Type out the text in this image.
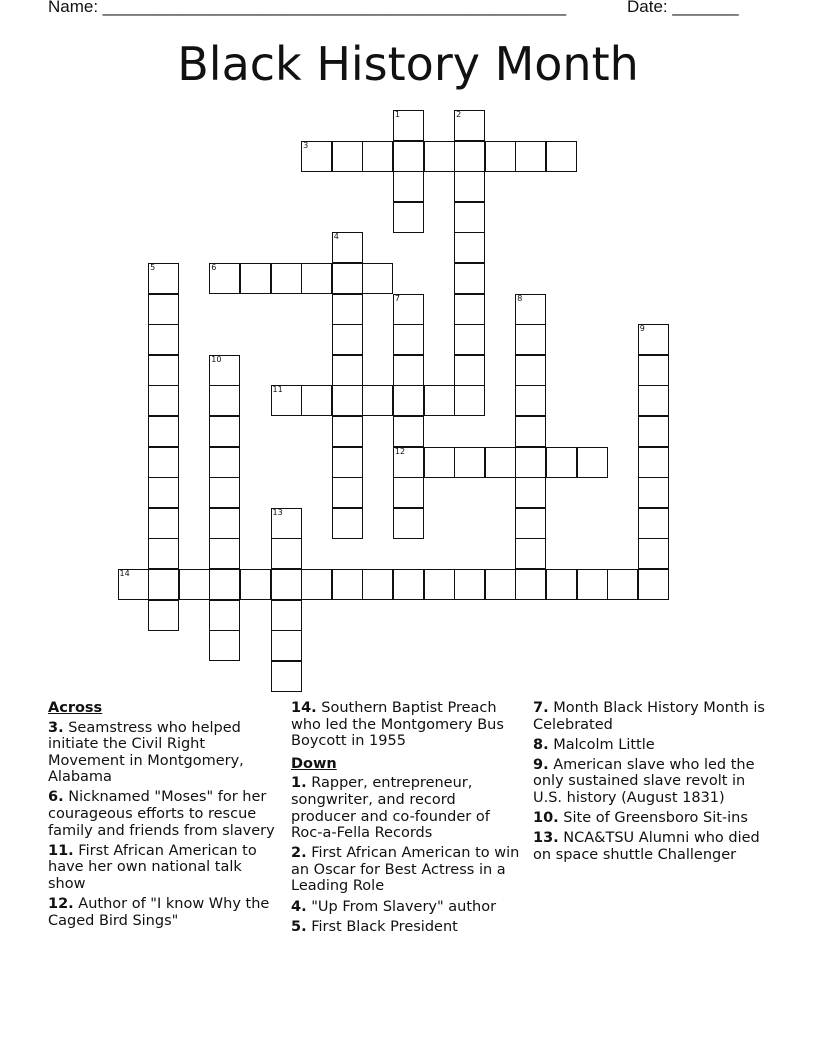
Name: _________________________________________________	Date: _______
Black History Month
3
6
11
12
14
1	2
4
5
7	8
9
10
13
Across
3. Seamstress who helped initiate the Civil Right Movement in Montgomery, Alabama
6. Nicknamed "Moses" for her courageous efforts to rescue family and friends from slavery
11. First African American to have her own national talk show
12. Author of "I know Why the Caged Bird Sings"
14. Southern Baptist Preach who led the Montgomery Bus Boycott in 1955
Down
1. Rapper, entrepreneur, songwriter, and record producer and co-founder of Roc-a-Fella Records
2. First African American to win an Oscar for Best Actress in a Leading Role
4. "Up From Slavery" author
5. First Black President
7. Month Black History Month is Celebrated
8. Malcolm Little
9. American slave who led the only sustained slave revolt in U.S. history (August 1831)
10. Site of Greensboro Sit-ins
13. NCA&TSU Alumni who died on space shuttle Challenger
